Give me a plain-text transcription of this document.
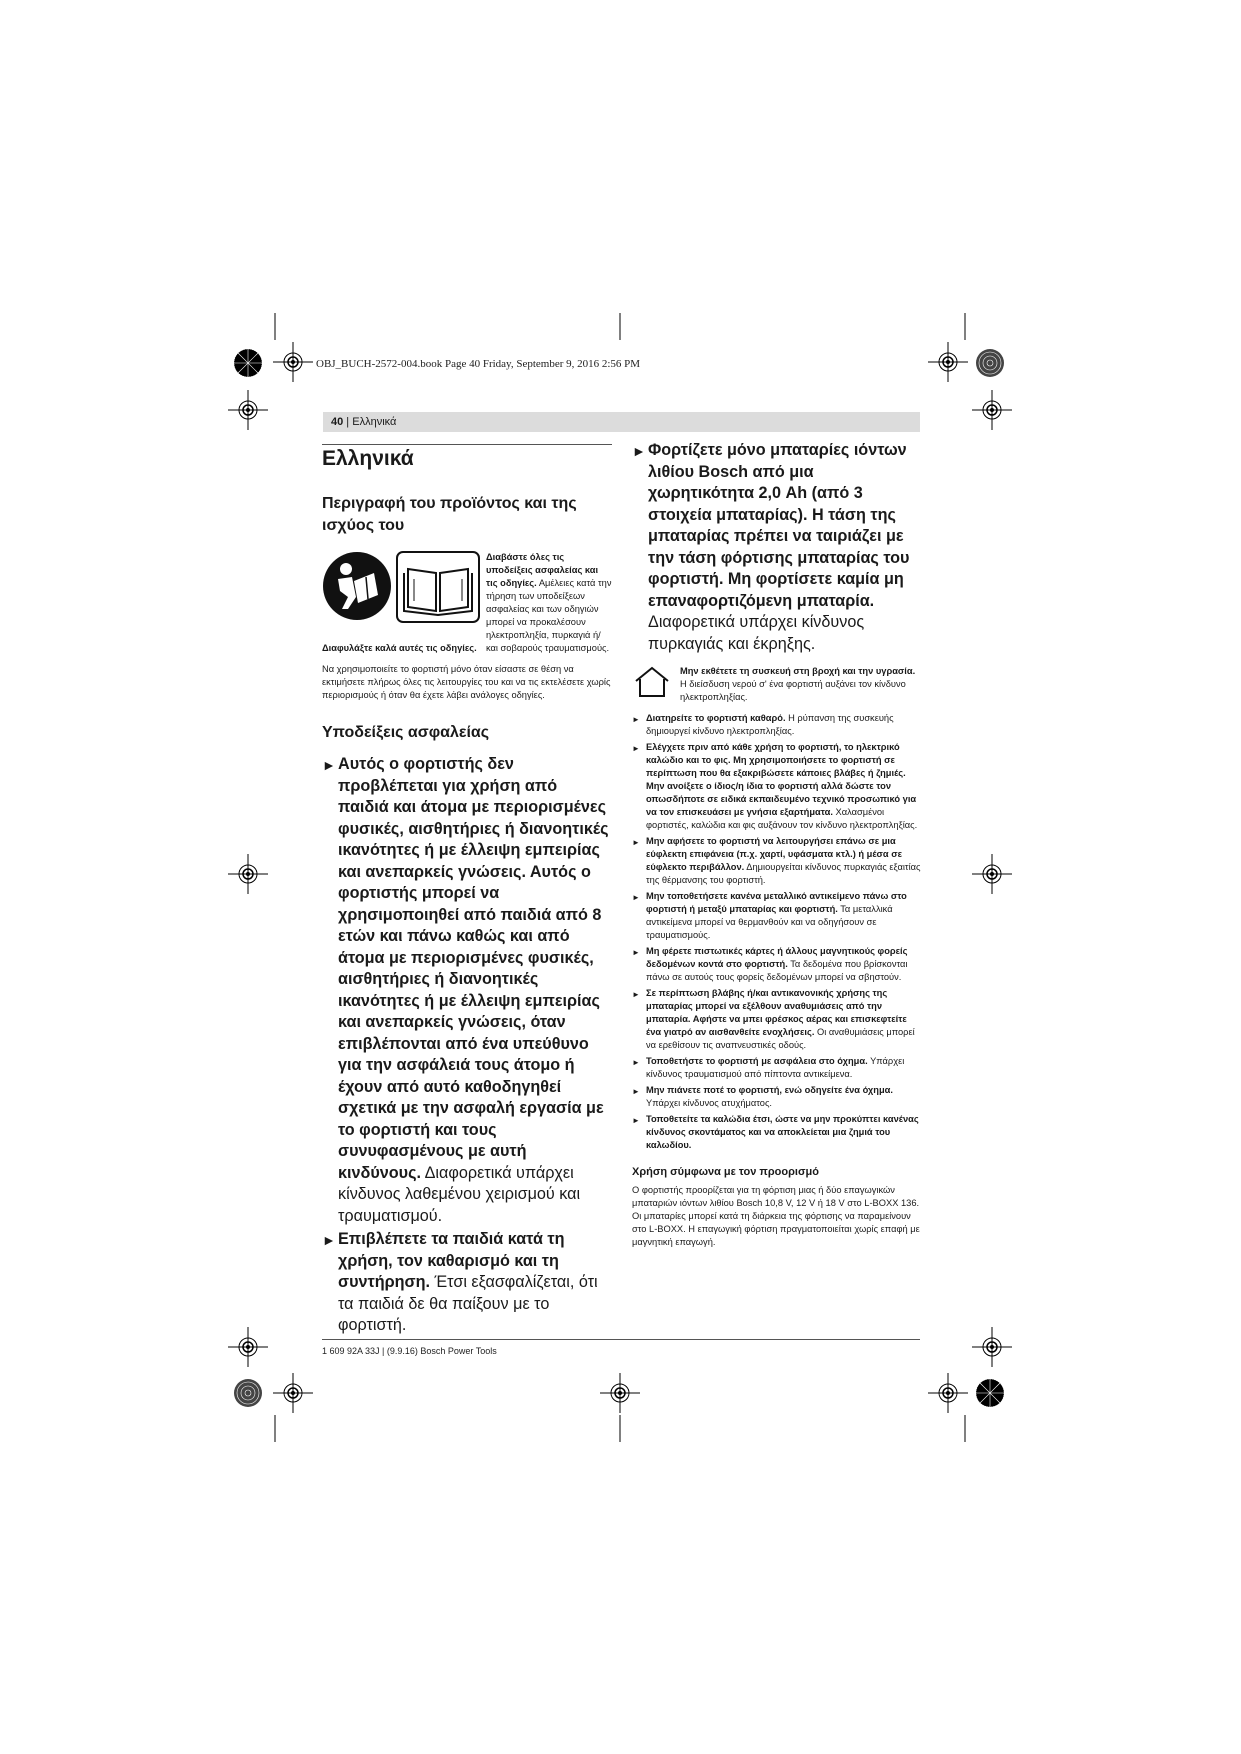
OBJ_BUCH-2572-004.book Page 40 Friday, September 9, 2016 2:56 PM
40 | Ελληνικά
Ελληνικά
Περιγραφή του προϊόντος και της ισχύος του
Διαβάστε όλες τις υποδείξεις ασφαλείας και τις οδηγίες. Αμέλειες κατά την τήρηση των υποδείξεων ασφαλείας και των οδηγιών μπορεί να προκαλέσουν ηλεκτροπληξία, πυρκαγιά ή/και σοβαρούς τραυματισμούς.

Διαφυλάξτε καλά αυτές τις οδηγίες.

Να χρησιμοποιείτε το φορτιστή μόνο όταν είσαστε σε θέση να εκτιμήσετε πλήρως όλες τις λειτουργίες του και να τις εκτελέσετε χωρίς περιορισμούς ή όταν θα έχετε λάβει ανάλογες οδηγίες.

Υποδείξεις ασφαλείας
► Αυτός ο φορτιστής δεν προβλέπεται για χρήση από παιδιά και άτομα με περιορισμένες φυσικές, αισθητήριες ή διανοητικές ικανότητες ή με έλλειψη εμπειρίας και ανεπαρκείς γνώσεις. Αυτός ο φορτιστής μπορεί να χρησιμοποιηθεί από παιδιά από 8 ετών και πάνω καθώς και από άτομα με περιορισμένες φυσικές, αισθητήριες ή διανοητικές ικανότητες ή με έλλειψη εμπειρίας και ανεπαρκείς γνώσεις, όταν επιβλέπονται από ένα υπεύθυνο για την ασφάλειά τους άτομο ή έχουν από αυτό καθοδηγηθεί σχετικά με την ασφαλή εργασία με το φορτιστή και τους συνυφασμένους με αυτή κινδύνους. Διαφορετικά υπάρχει κίνδυνος λαθεμένου χειρισμού και τραυματισμού.
► Επιβλέπετε τα παιδιά κατά τη χρήση, τον καθαρισμό και τη συντήρηση. Έτσι εξασφαλίζεται, ότι τα παιδιά δε θα παίξουν με το φορτιστή.
► Φορτίζετε μόνο μπαταρίες ιόντων λιθίου Bosch από μια χωρητικότητα 2,0 Ah (από 3 στοιχεία μπαταρίας). Η τάση της μπαταρίας πρέπει να ταιριάζει με την τάση φόρτισης μπαταρίας του φορτιστή. Μη φορτίσετε καμία μη επαναφορτιζόμενη μπαταρία. Διαφορετικά υπάρχει κίνδυνος πυρκαγιάς και έκρηξης.
Μην εκθέτετε τη συσκευή στη βροχή και την υγρασία. Η διείσδυση νερού σ' ένα φορτιστή αυξάνει τον κίνδυνο ηλεκτροπληξίας.
► Διατηρείτε το φορτιστή καθαρό. Η ρύπανση της συσκευής δημιουργεί κίνδυνο ηλεκτροπληξίας.
► Ελέγχετε πριν από κάθε χρήση το φορτιστή, το ηλεκτρικό καλώδιο και το φις. Μη χρησιμοποιήσετε το φορτιστή σε περίπτωση που θα εξακριβώσετε κάποιες βλάβες ή ζημιές. Μην ανοίξετε ο ίδιος/η ίδια το φορτιστή αλλά δώστε τον οπωσδήποτε σε ειδικά εκπαιδευμένο τεχνικό προσωπικό για να τον επισκευάσει με γνήσια εξαρτήματα. Χαλασμένοι φορτιστές, καλώδια και φις αυξάνουν τον κίνδυνο ηλεκτροπληξίας.
► Μην αφήσετε το φορτιστή να λειτουργήσει επάνω σε μια εύφλεκτη επιφάνεια (π.χ. χαρτί, υφάσματα κτλ.) ή μέσα σε εύφλεκτο περιβάλλον. Δημιουργείται κίνδυνος πυρκαγιάς εξαιτίας της θέρμανσης του φορτιστή.
► Μην τοποθετήσετε κανένα μεταλλικό αντικείμενο πάνω στο φορτιστή ή μεταξύ μπαταρίας και φορτιστή. Τα μεταλλικά αντικείμενα μπορεί να θερμανθούν και να οδηγήσουν σε τραυματισμούς.
► Μη φέρετε πιστωτικές κάρτες ή άλλους μαγνητικούς φορείς δεδομένων κοντά στο φορτιστή. Τα δεδομένα που βρίσκονται πάνω σε αυτούς τους φορείς δεδομένων μπορεί να σβηστούν.
► Σε περίπτωση βλάβης ή/και αντικανονικής χρήσης της μπαταρίας μπορεί να εξέλθουν αναθυμιάσεις από την μπαταρία. Αφήστε να μπει φρέσκος αέρας και επισκεφτείτε ένα γιατρό αν αισθανθείτε ενοχλήσεις. Οι αναθυμιάσεις μπορεί να ερεθίσουν τις αναπνευστικές οδούς.
► Τοποθετήστε το φορτιστή με ασφάλεια στο όχημα. Υπάρχει κίνδυνος τραυματισμού από πίπτοντα αντικείμενα.
► Μην πιάνετε ποτέ το φορτιστή, ενώ οδηγείτε ένα όχημα. Υπάρχει κίνδυνος ατυχήματος.
► Τοποθετείτε τα καλώδια έτσι, ώστε να μην προκύπτει κανένας κίνδυνος σκοντάματος και να αποκλείεται μια ζημιά του καλωδίου.
Χρήση σύμφωνα με τον προορισμό

Ο φορτιστής προορίζεται για τη φόρτιση μιας ή δύο επαγωγικών μπαταριών ιόντων λιθίου Bosch 10,8 V, 12 V ή 18 V στο L-BOXX 136. Οι μπαταρίες μπορεί κατά τη διάρκεια της φόρτισης να παραμείνουν στο L-BOXX. Η επαγωγική φόρτιση πραγματοποιείται χωρίς επαφή με μαγνητική επαγωγή.

1 609 92A 33J | (9.9.16) Bosch Power Tools
